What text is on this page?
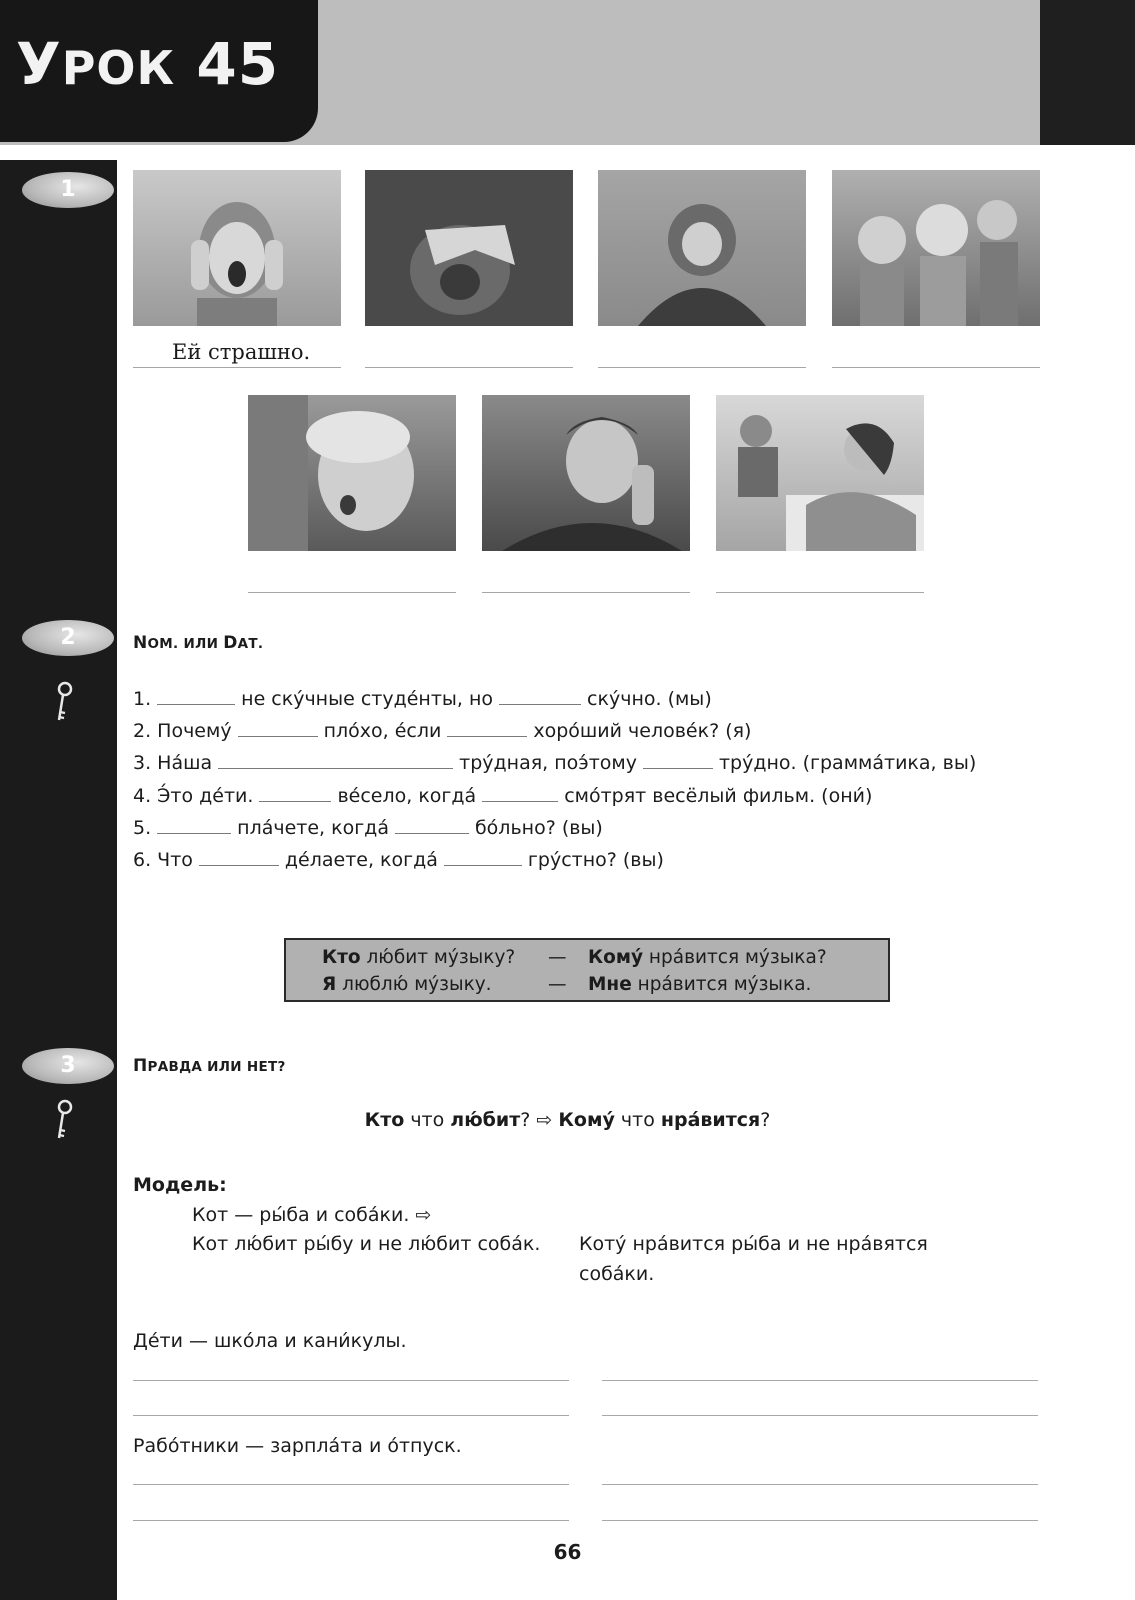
УРОК 45
1
2
3
Ей страшно.
NОМ. ИЛИ DАТ.
1.	не ску́чные студе́нты, но	ску́чно. (мы)
2. Почему́	пло́хо, е́сли	хоро́ший челове́к? (я)
3. На́ша	тру́дная, поэ́тому	тру́дно. (грамма́тика, вы)
4. Э́то де́ти.	ве́село, когда́	смо́трят весёлый фильм. (они́)
5.	пла́чете, когда́	бо́льно? (вы)
6. Что	де́лаете, когда́	гру́стно? (вы)
Кто лю́бит му́зыку? — Кому́ нра́вится му́зыка?
Я люблю́ му́зыку.	— Мне нра́вится му́зыка.
ПРАВДА ИЛИ НЕТ?
Кто что лю́бит? ⇨ Кому́ что нра́вится?
Модель:
Кот — ры́ба и соба́ки. ⇨
Кот лю́бит ры́бу и не лю́бит соба́к. Коту́ нра́вится ры́ба и не нра́вятся
соба́ки.
Де́ти — шко́ла и кани́кулы.
Рабо́тники — зарпла́та и о́тпуск.
66
